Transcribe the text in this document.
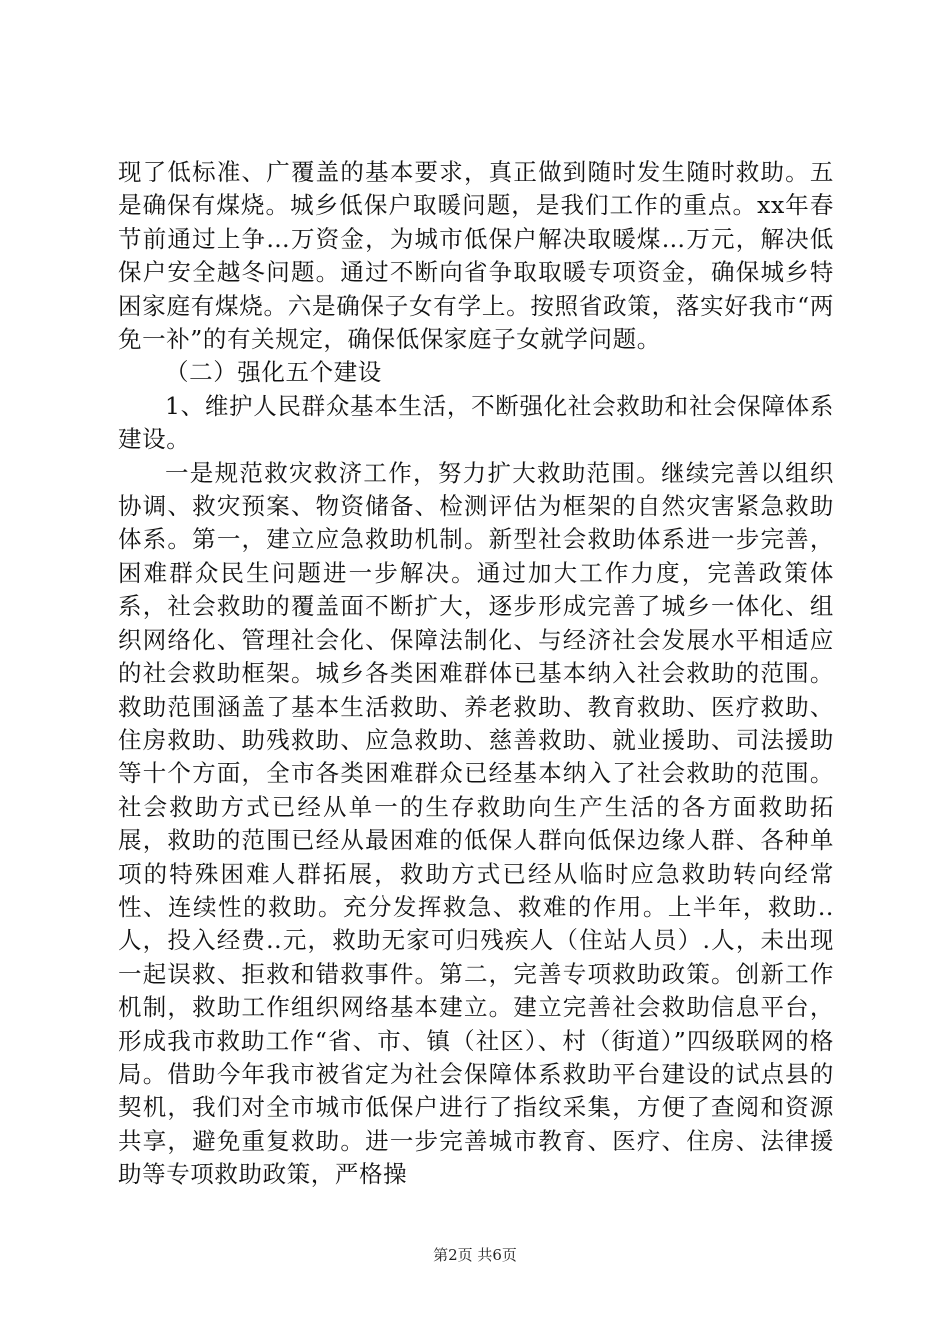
现了低标准、广覆盖的基本要求，真正做到随时发生随时救助。五是确保有煤烧。城乡低保户取暖问题，是我们工作的重点。xx年春节前通过上争…万资金，为城市低保户解决取暖煤…万元，解决低保户安全越冬问题。通过不断向省争取取暖专项资金，确保城乡特困家庭有煤烧。六是确保子女有学上。按照省政策，落实好我市“两免一补”的有关规定，确保低保家庭子女就学问题。

（二）强化五个建设

1、维护人民群众基本生活，不断强化社会救助和社会保障体系建设。

一是规范救灾救济工作，努力扩大救助范围。继续完善以组织协调、救灾预案、物资储备、检测评估为框架的自然灾害紧急救助体系。第一，建立应急救助机制。新型社会救助体系进一步完善，困难群众民生问题进一步解决。通过加大工作力度，完善政策体系，社会救助的覆盖面不断扩大，逐步形成完善了城乡一体化、组织网络化、管理社会化、保障法制化、与经济社会发展水平相适应的社会救助框架。城乡各类困难群体已基本纳入社会救助的范围。救助范围涵盖了基本生活救助、养老救助、教育救助、医疗救助、住房救助、助残救助、应急救助、慈善救助、就业援助、司法援助等十个方面，全市各类困难群众已经基本纳入了社会救助的范围。社会救助方式已经从单一的生存救助向生产生活的各方面救助拓展，救助的范围已经从最困难的低保人群向低保边缘人群、各种单项的特殊困难人群拓展，救助方式已经从临时应急救助转向经常性、连续性的救助。充分发挥救急、救难的作用。上半年，救助..人，投入经费..元，救助无家可归残疾人（住站人员）.人，未出现一起误救、拒救和错救事件。第二，完善专项救助政策。创新工作机制，救助工作组织网络基本建立。建立完善社会救助信息平台，形成我市救助工作“省、市、镇（社区）、村（街道）”四级联网的格局。借助今年我市被省定为社会保障体系救助平台建设的试点县的契机，我们对全市城市低保户进行了指纹采集，方便了查阅和资源共享，避免重复救助。进一步完善城市教育、医疗、住房、法律援助等专项救助政策，严格操

第2页 共6页
